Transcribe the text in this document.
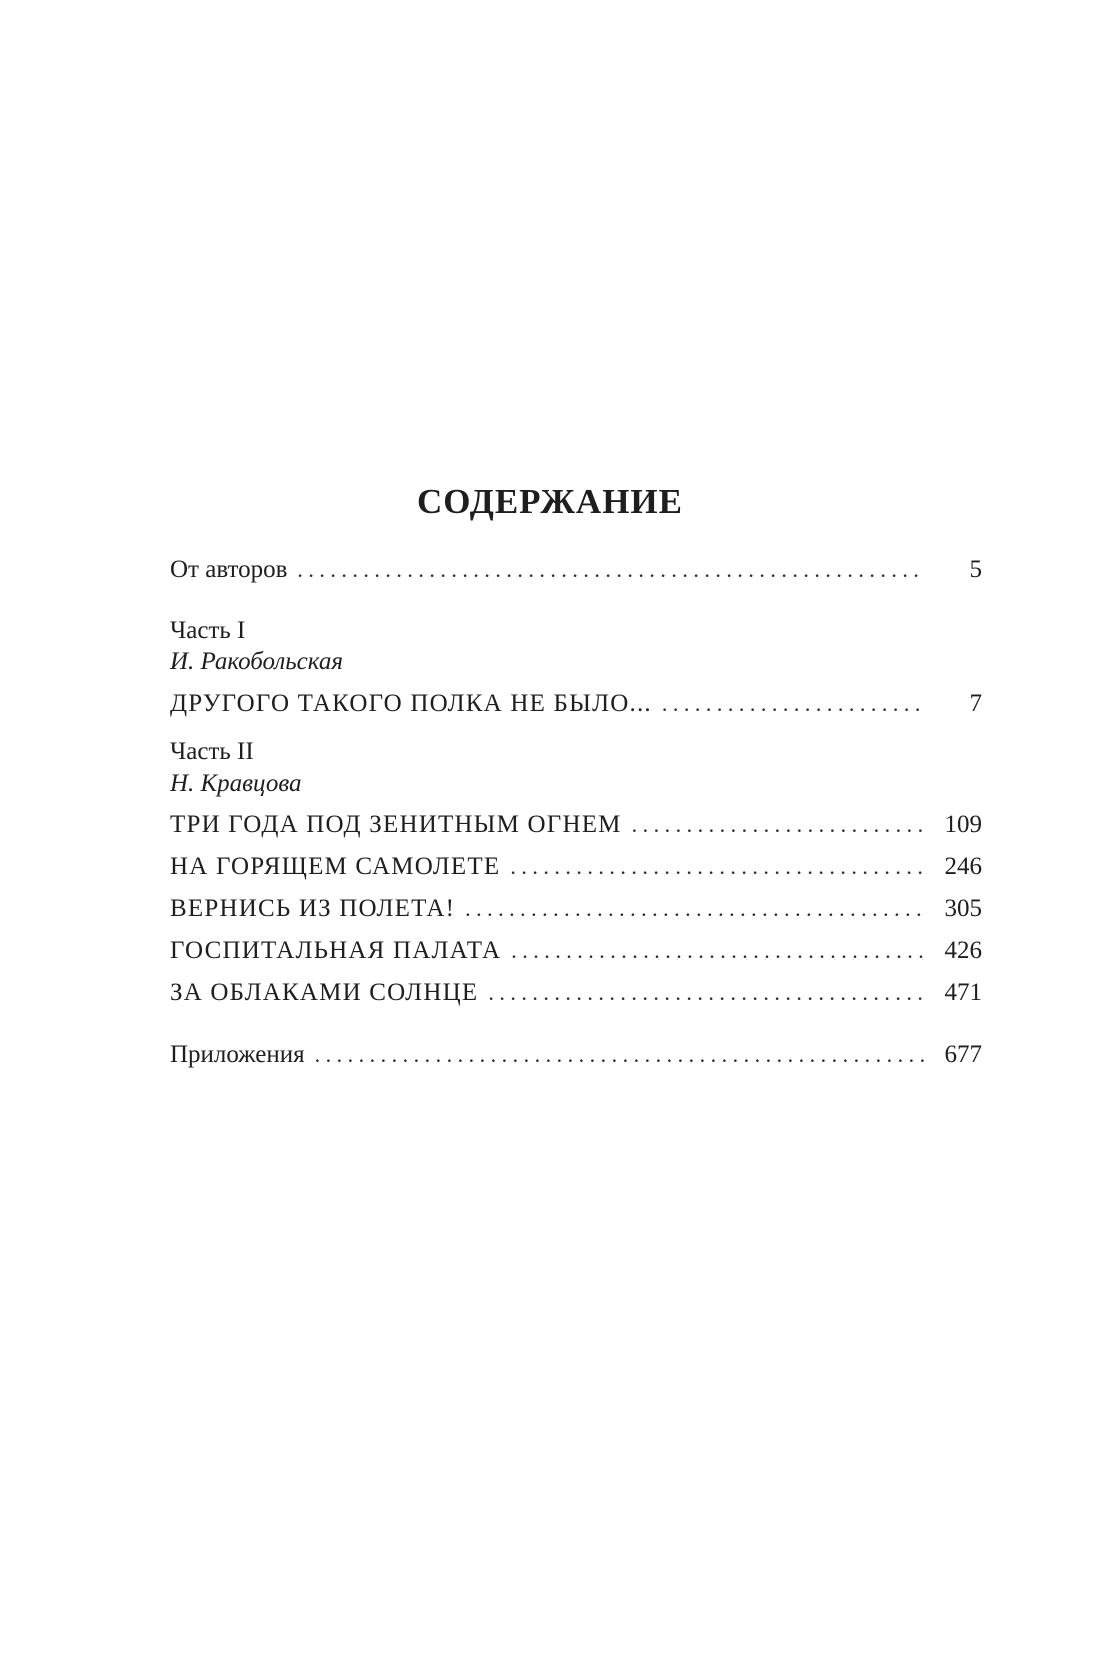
СОДЕРЖАНИЕ
От авторов . . .	5
Часть I
И. Ракобольская
ДРУГОГО ТАКОГО ПОЛКА НЕ БЫЛО... . . .	7
Часть II
Н. Кравцова
ТРИ ГОДА ПОД ЗЕНИТНЫМ ОГНЕМ . . .	109
НА ГОРЯЩЕМ САМОЛЕТЕ . . .	246
ВЕРНИСЬ ИЗ ПОЛЕТА! . . .	305
ГОСПИТАЛЬНАЯ ПАЛАТА . . .	426
ЗА ОБЛАКАМИ СОЛНЦЕ . . .	471
Приложения . . .	677
